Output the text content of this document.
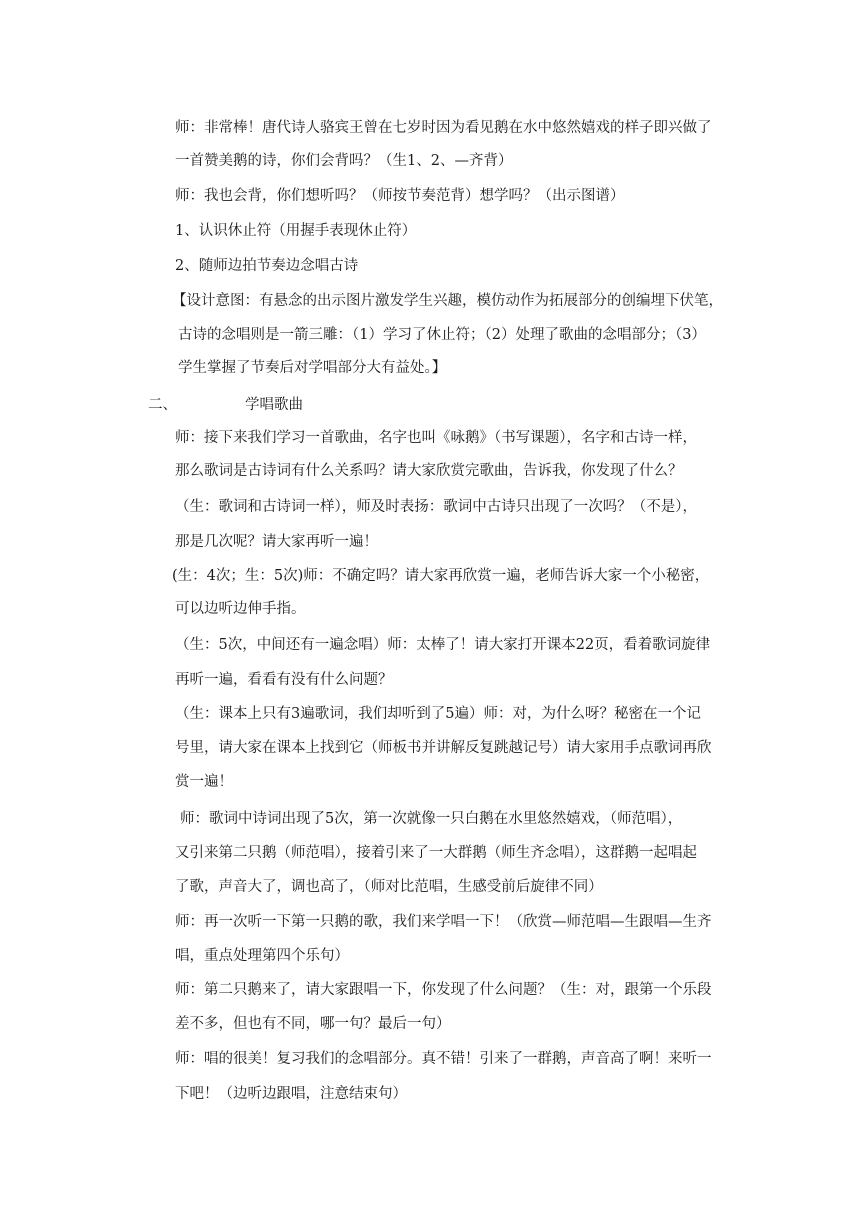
师：非常棒！唐代诗人骆宾王曾在七岁时因为看见鹅在水中悠然嬉戏的样子即兴做了
一首赞美鹅的诗，你们会背吗？（生1、2、—齐背）
师：我也会背，你们想听吗？（师按节奏范背）想学吗？（出示图谱）
1、认识休止符（用握手表现休止符）
2、随师边拍节奏边念唱古诗
【设计意图：有悬念的出示图片激发学生兴趣，模仿动作为拓展部分的创编埋下伏笔，
古诗的念唱则是一箭三雕：（1）学习了休止符；（2）处理了歌曲的念唱部分；（3）
学生掌握了节奏后对学唱部分大有益处。】
二、	学唱歌曲
师：接下来我们学习一首歌曲，名字也叫《咏鹅》（书写课题），名字和古诗一样，
那么歌词是古诗词有什么关系吗？请大家欣赏完歌曲，告诉我，你发现了什么？
（生：歌词和古诗词一样），师及时表扬：歌词中古诗只出现了一次吗？（不是），
那是几次呢？请大家再听一遍！
(生：4次；生：5次)师：不确定吗？请大家再欣赏一遍，老师告诉大家一个小秘密，
可以边听边伸手指。
（生：5次，中间还有一遍念唱）师：太棒了！请大家打开课本22页，看着歌词旋律
再听一遍，看看有没有什么问题？
（生：课本上只有3遍歌词，我们却听到了5遍）师：对，为什么呀？秘密在一个记
号里，请大家在课本上找到它（师板书并讲解反复跳越记号）请大家用手点歌词再欣
赏一遍！
师：歌词中诗词出现了5次，第一次就像一只白鹅在水里悠然嬉戏，（师范唱），
又引来第二只鹅（师范唱），接着引来了一大群鹅（师生齐念唱），这群鹅一起唱起
了歌，声音大了，调也高了，（师对比范唱，生感受前后旋律不同）
师：再一次听一下第一只鹅的歌，我们来学唱一下！（欣赏—师范唱—生跟唱—生齐
唱，重点处理第四个乐句）
师：第二只鹅来了，请大家跟唱一下，你发现了什么问题？（生：对，跟第一个乐段
差不多，但也有不同，哪一句？最后一句）
师：唱的很美！复习我们的念唱部分。真不错！引来了一群鹅，声音高了啊！来听一
下吧！（边听边跟唱，注意结束句）
